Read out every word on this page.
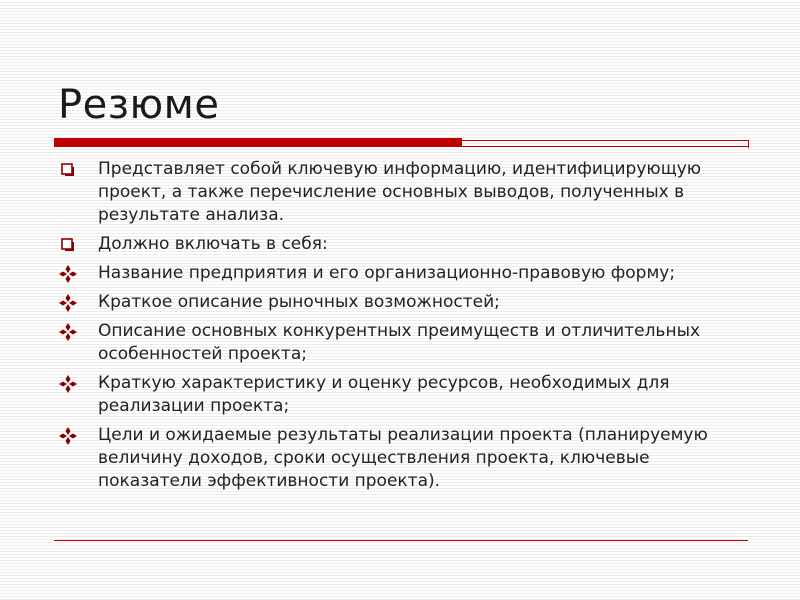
Резюме
Представляет собой ключевую информацию, идентифицирующую проект, а также перечисление основных выводов, полученных в результате анализа.
Должно включать в себя:
Название предприятия и его организационно-правовую форму;
Краткое описание рыночных возможностей;
Описание основных конкурентных преимуществ и отличительных особенностей проекта;
Краткую характеристику и оценку ресурсов, необходимых для реализации проекта;
Цели и ожидаемые результаты реализации проекта (планируемую величину доходов, сроки осуществления проекта, ключевые показатели эффективности проекта).
